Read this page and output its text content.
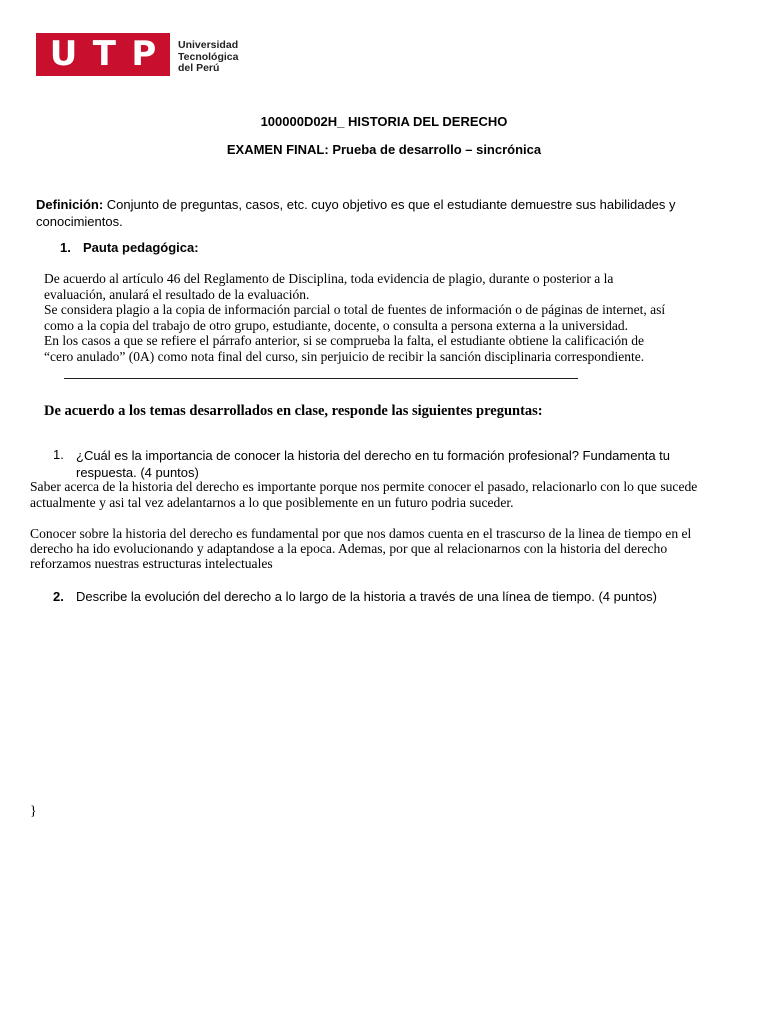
U T P Universidad
Tecnológica
del Perú
100000D02H_ HISTORIA DEL DERECHO
EXAMEN FINAL: Prueba de desarrollo – sincrónica
Definición: Conjunto de preguntas, casos, etc. cuyo objetivo es que el estudiante demuestre sus habilidades y
conocimientos.
1. Pauta pedagógica:
De acuerdo al artículo 46 del Reglamento de Disciplina, toda evidencia de plagio, durante o posterior a la
evaluación, anulará el resultado de la evaluación.
Se considera plagio a la copia de información parcial o total de fuentes de información o de páginas de internet, así
como a la copia del trabajo de otro grupo, estudiante, docente, o consulta a persona externa a la universidad.
En los casos a que se refiere el párrafo anterior, si se comprueba la falta, el estudiante obtiene la calificación de
“cero anulado” (0A) como nota final del curso, sin perjuicio de recibir la sanción disciplinaria correspondiente.
De acuerdo a los temas desarrollados en clase, responde las siguientes preguntas:
1. ¿Cuál es la importancia de conocer la historia del derecho en tu formación profesional? Fundamenta tu
respuesta. (4 puntos)
Saber acerca de la historia del derecho es importante porque nos permite conocer el pasado, relacionarlo con lo que sucede
actualmente y asi tal vez adelantarnos a lo que posiblemente en un futuro podria suceder.
Conocer sobre la historia del derecho es fundamental por que nos damos cuenta en el trascurso de la linea de tiempo en el
derecho ha ido evolucionando y adaptandose a la epoca. Ademas, por que al relacionarnos con la historia del derecho
reforzamos nuestras estructuras intelectuales
2. Describe la evolución del derecho a lo largo de la historia a través de una línea de tiempo. (4 puntos)
}
